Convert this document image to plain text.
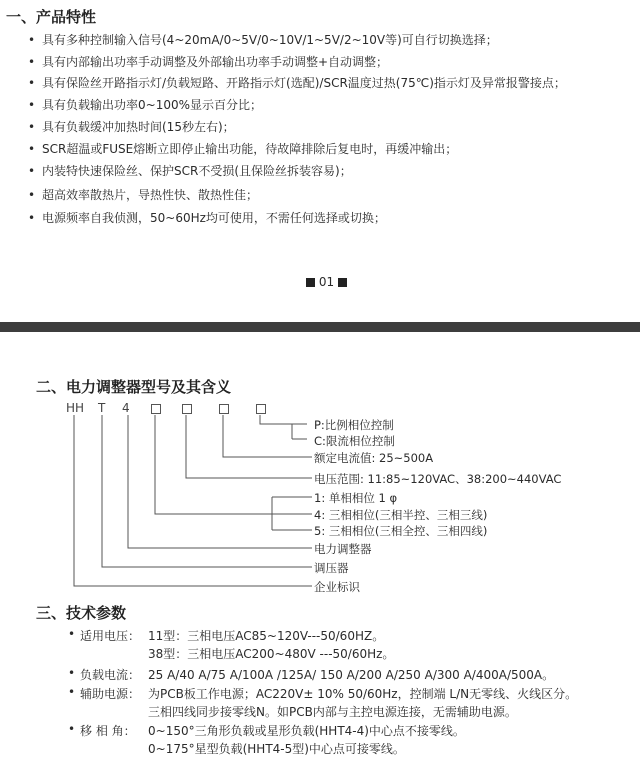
一、产品特性
• 具有多种控制输入信号(4~20mA/0~5V/0~10V/1~5V/2~10V等)可自行切换选择；
• 具有内部输出功率手动调整及外部输出功率手动调整+自动调整；
• 具有保险丝开路指示灯/负载短路、开路指示灯(选配)/SCR温度过热(75℃)指示灯及异常报警接点；
• 具有负载输出功率0~100%显示百分比；
• 具有负载缓冲加热时间(15秒左右)；
• SCR超温或FUSE熔断立即停止输出功能，待故障排除后复电时，再缓冲输出；
• 内装特快速保险丝、保护SCR不受损(且保险丝拆装容易)；
• 超高效率散热片，导热性快、散热性佳；
• 电源频率自我侦测，50~60Hz均可使用，不需任何选择或切换；
01
二、电力调整器型号及其含义
HH T 4
P:比例相位控制
C:限流相位控制
额定电流值: 25~500A
电压范围: 11:85~120VAC、38:200~440VAC
1: 单相相位 1 φ
4: 三相相位(三相半控、三相三线)
5: 三相相位(三相全控、三相四线)
电力调整器
调压器
企业标识
三、技术参数
• 适用电压： 11型：三相电压AC85~120V---50/60HZ。
38型：三相电压AC200~480V ---50/60Hz。
• 负载电流： 25 A/40 A/75 A/100A /125A/ 150 A/200 A/250 A/300 A/400A/500A。
• 辅助电源： 为PCB板工作电源；AC220V± 10% 50/60Hz，控制端 L/N无零线、火线区分。
三相四线同步接零线N。如PCB内部与主控电源连接，无需辅助电源。
• 移 相 角： 0~150°三角形负载或星形负载(HHT4-4)中心点不接零线。
0~175°星型负载(HHT4-5型)中心点可接零线。
